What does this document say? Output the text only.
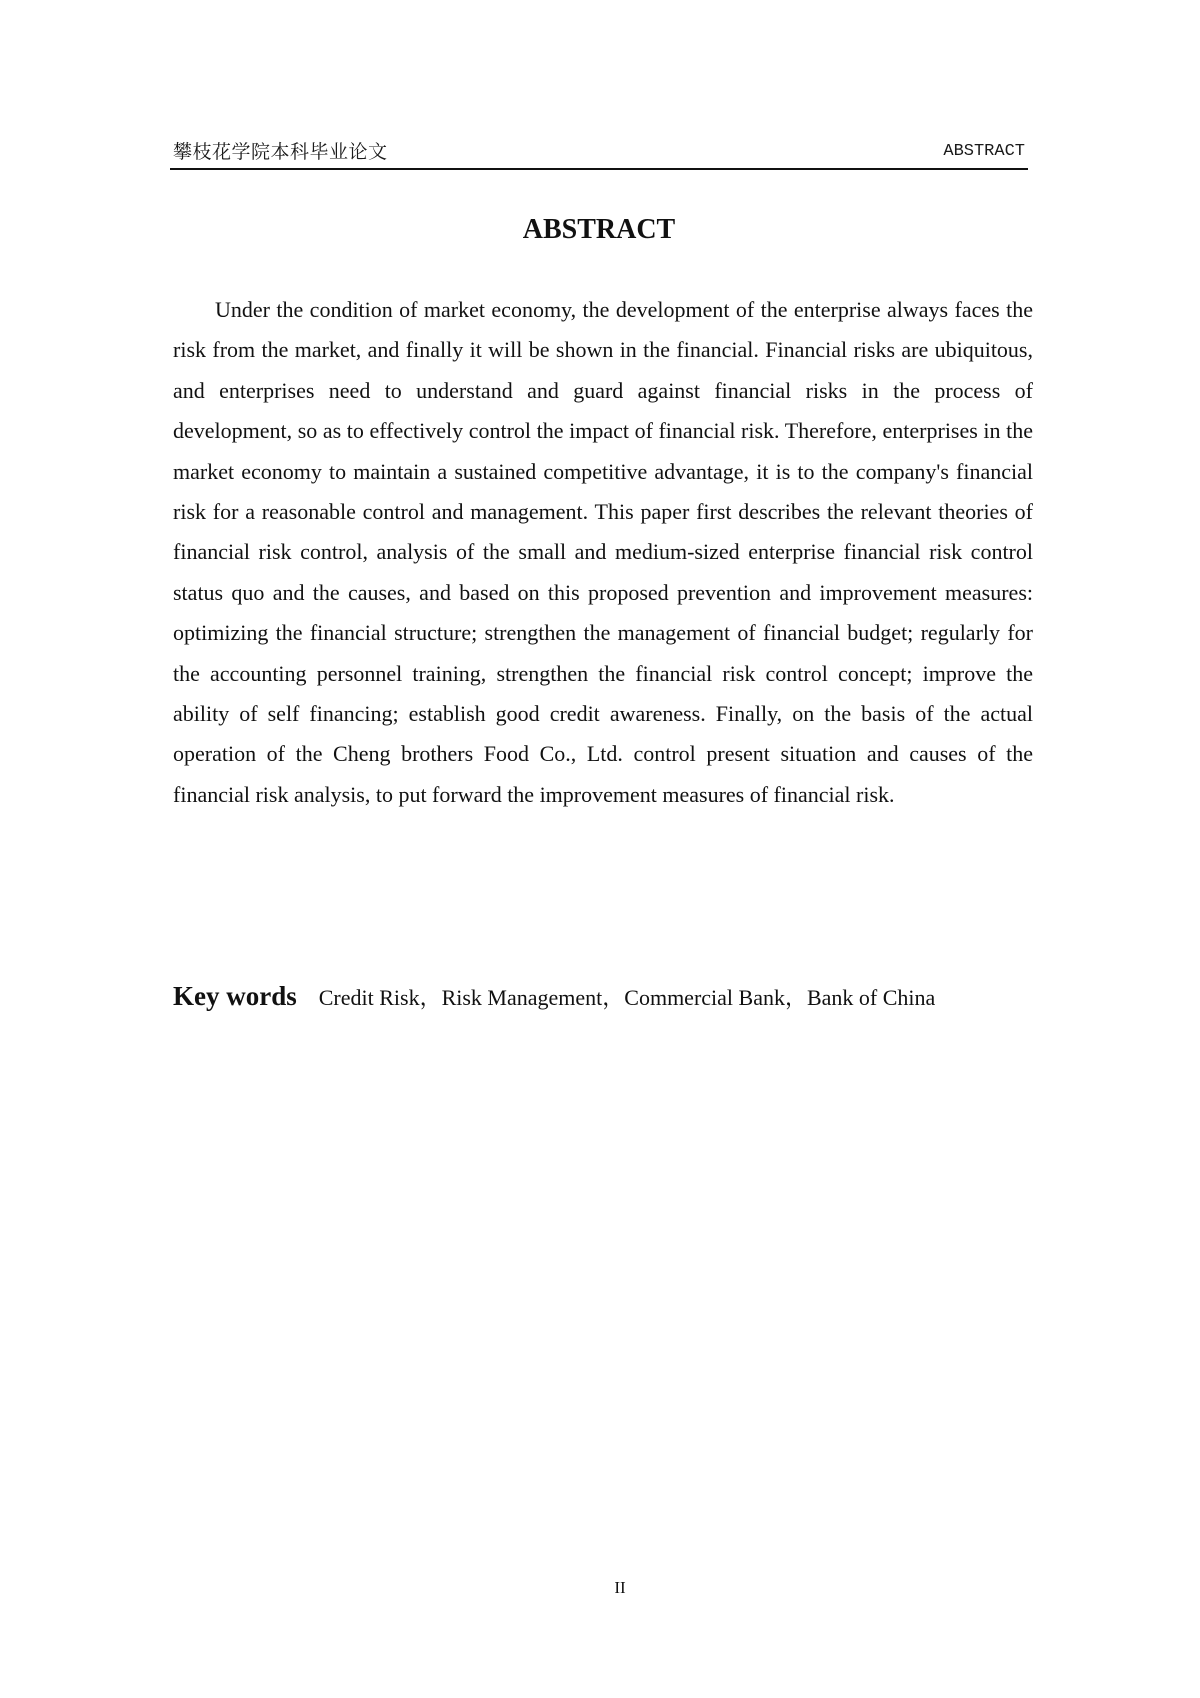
攀枝花学院本科毕业论文	ABSTRACT
ABSTRACT

Under the condition of market economy, the development of the enterprise always faces the risk from the market, and finally it will be shown in the financial. Financial risks are ubiquitous, and enterprises need to understand and guard against financial risks in the process of development, so as to effectively control the impact of financial risk. Therefore, enterprises in the market economy to maintain a sustained competitive advantage, it is to the company's financial risk for a reasonable control and management. This paper first describes the relevant theories of financial risk control, analysis of the small and medium-sized enterprise financial risk control status quo and the causes, and based on this proposed prevention and improvement measures: optimizing the financial structure; strengthen the management of financial budget; regularly for the accounting personnel training, strengthen the financial risk control concept; improve the ability of self financing; establish good credit awareness. Finally, on the basis of the actual operation of the Cheng brothers Food Co., Ltd. control present situation and causes of the financial risk analysis, to put forward the improvement measures of financial risk.

Key words Credit Risk，Risk Management，Commercial Bank，Bank of China

II
